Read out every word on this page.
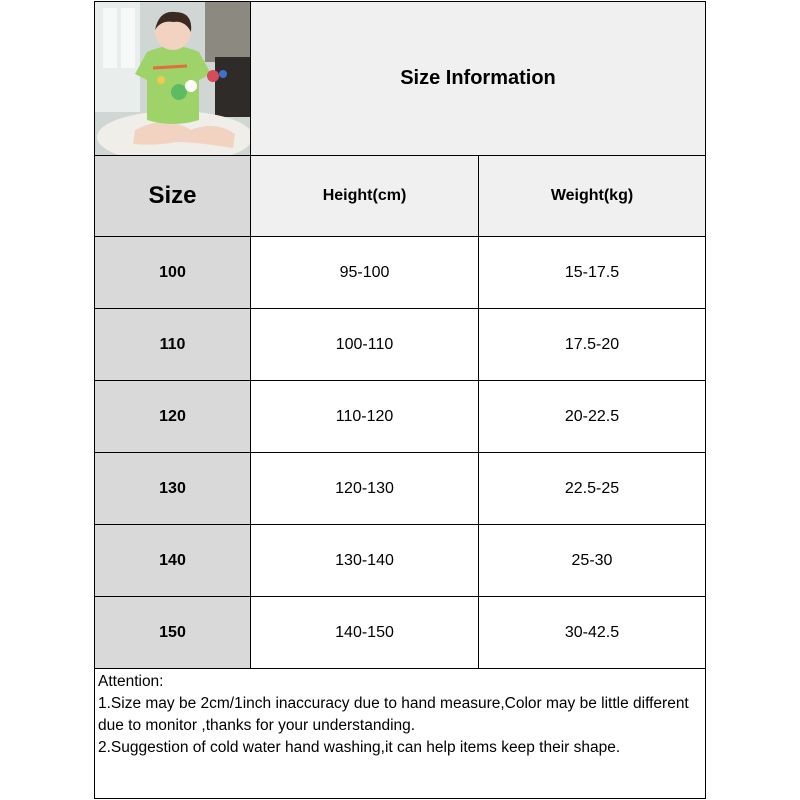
Size Information
Size	Height(cm)	Weight(kg)
100	95-100	15-17.5
110	100-110	17.5-20
120	110-120	20-22.5
130	120-130	22.5-25
140	130-140	25-30
150	140-150	30-42.5
Attention:
1.Size may be 2cm/1inch inaccuracy due to hand measure,Color may be little different due to monitor ,thanks for your understanding.
2.Suggestion of cold water hand washing,it can help items keep their shape.
